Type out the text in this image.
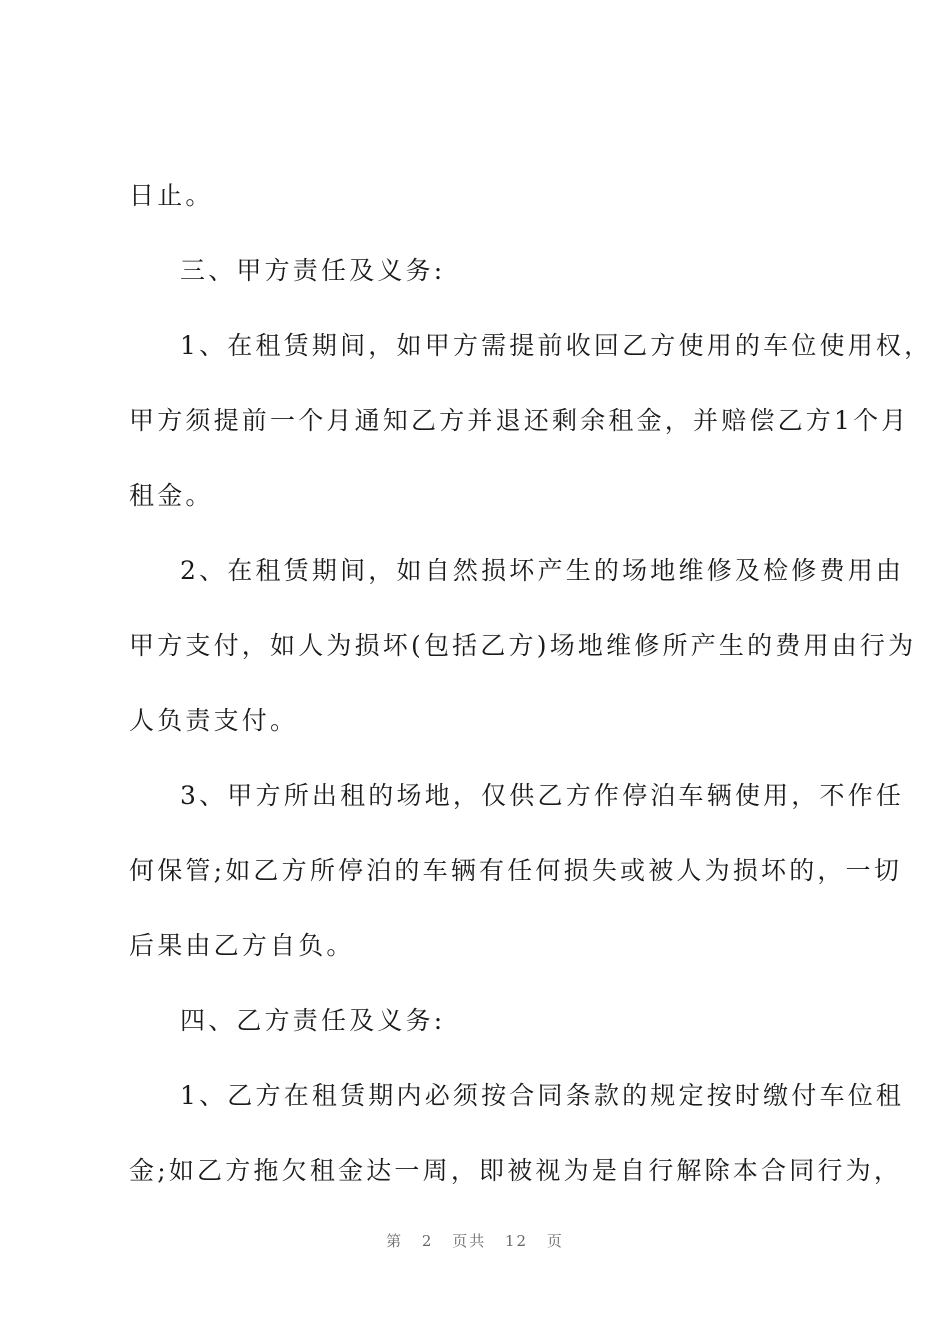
日止。
三、甲方责任及义务:
1、在租赁期间，如甲方需提前收回乙方使用的车位使用权，
甲方须提前一个月通知乙方并退还剩余租金，并赔偿乙方1个月
租金。
2、在租赁期间，如自然损坏产生的场地维修及检修费用由
甲方支付，如人为损坏(包括乙方)场地维修所产生的费用由行为
人负责支付。
3、甲方所出租的场地，仅供乙方作停泊车辆使用，不作任
何保管;如乙方所停泊的车辆有任何损失或被人为损坏的，一切
后果由乙方自负。
四、乙方责任及义务:
1、乙方在租赁期内必须按合同条款的规定按时缴付车位租
金;如乙方拖欠租金达一周，即被视为是自行解除本合同行为，
第 2 页共 12 页
